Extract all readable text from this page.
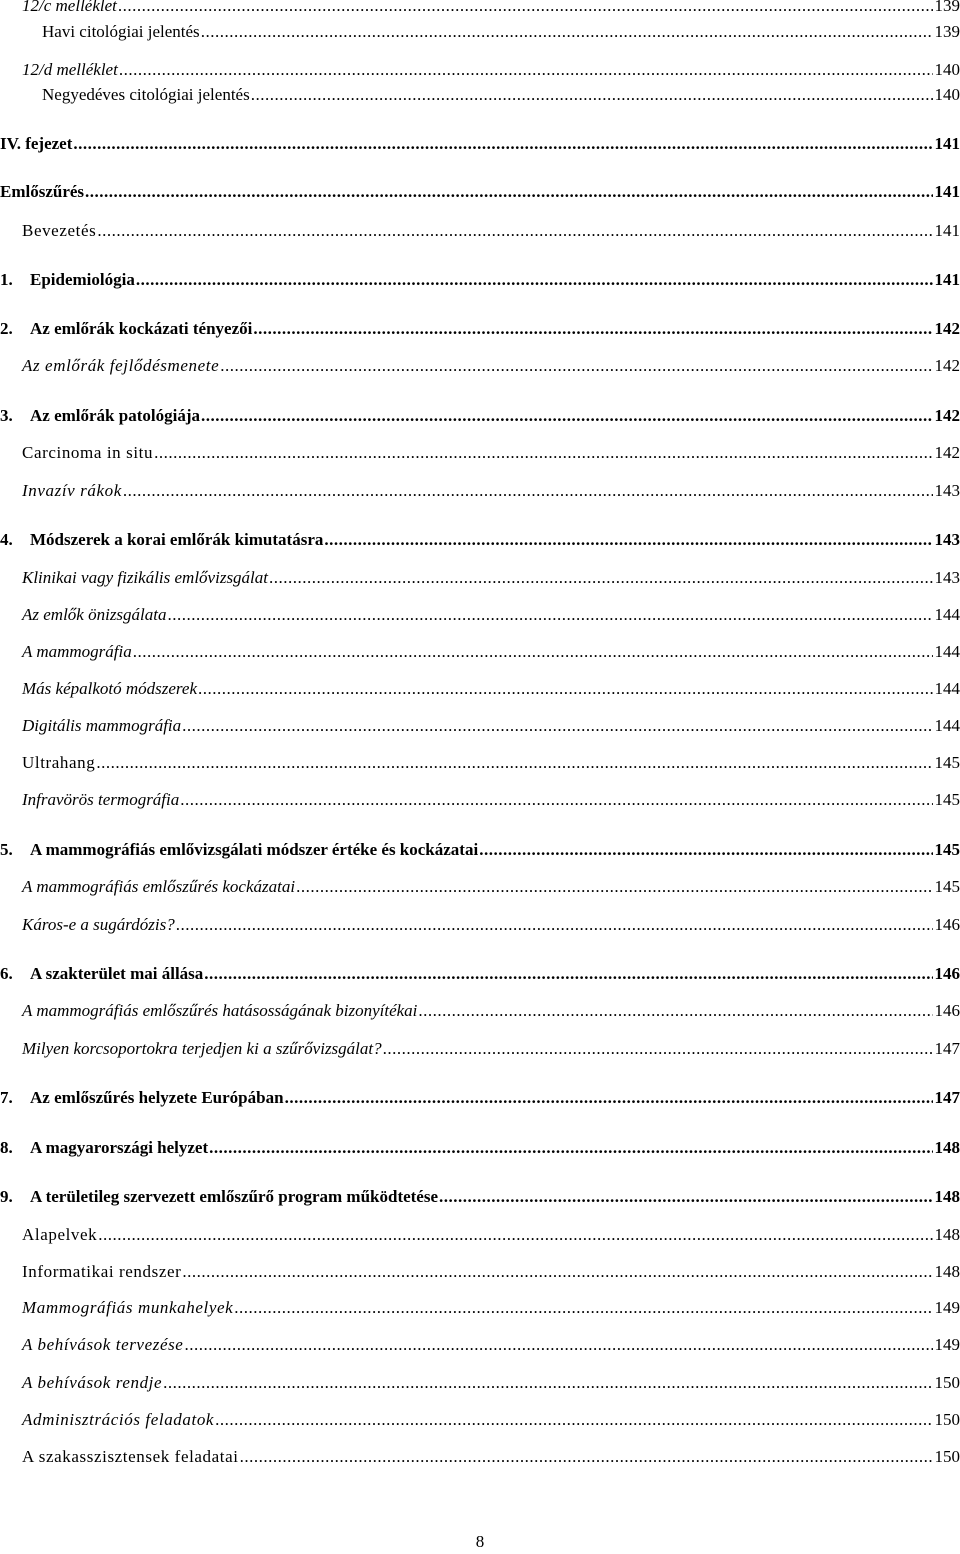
12/c melléklet .....	139
Havi citológiai jelentés .....	139
12/d melléklet .....	140
Negyedéves citológiai jelentés .....	140
IV. fejezet .....	141
Emlőszűrés .....	141
Bevezetés .....	141
1.	Epidemiológia .....	141
2.	Az emlőrák kockázati tényezői .....	142
Az emlőrák fejlődésmenete .....	142
3.	Az emlőrák patológiája .....	142
Carcinoma in situ .....	142
Invazív rákok .....	143
4.	Módszerek a korai emlőrák kimutatásra .....	143
Klinikai vagy fizikális emlővizsgálat .....	143
Az emlők önizsgálata .....	144
A mammográfia .....	144
Más képalkotó módszerek .....	144
Digitális mammográfia .....	144
Ultrahang .....	145
Infravörös termográfia .....	145
5.	A mammográfiás emlővizsgálati módszer értéke és kockázatai .....	145
A mammográfiás emlőszűrés kockázatai .....	145
Káros-e a sugárdózis? .....	146
6.	A szakterület mai állása .....	146
A mammográfiás emlőszűrés hatásosságának bizonyítékai .....	146
Milyen korcsoportokra terjedjen ki a szűrővizsgálat? .....	147
7.	Az emlőszűrés helyzete Európában .....	147
8.	A magyarországi helyzet .....	148
9.	A területileg szervezett emlőszűrő program működtetése .....	148
Alapelvek .....	148
Informatikai rendszer .....	148
Mammográfiás munkahelyek .....	149
A behívások tervezése .....	149
A behívások rendje .....	150
Adminisztrációs feladatok .....	150
A szakasszisztensek feladatai .....	150
8
